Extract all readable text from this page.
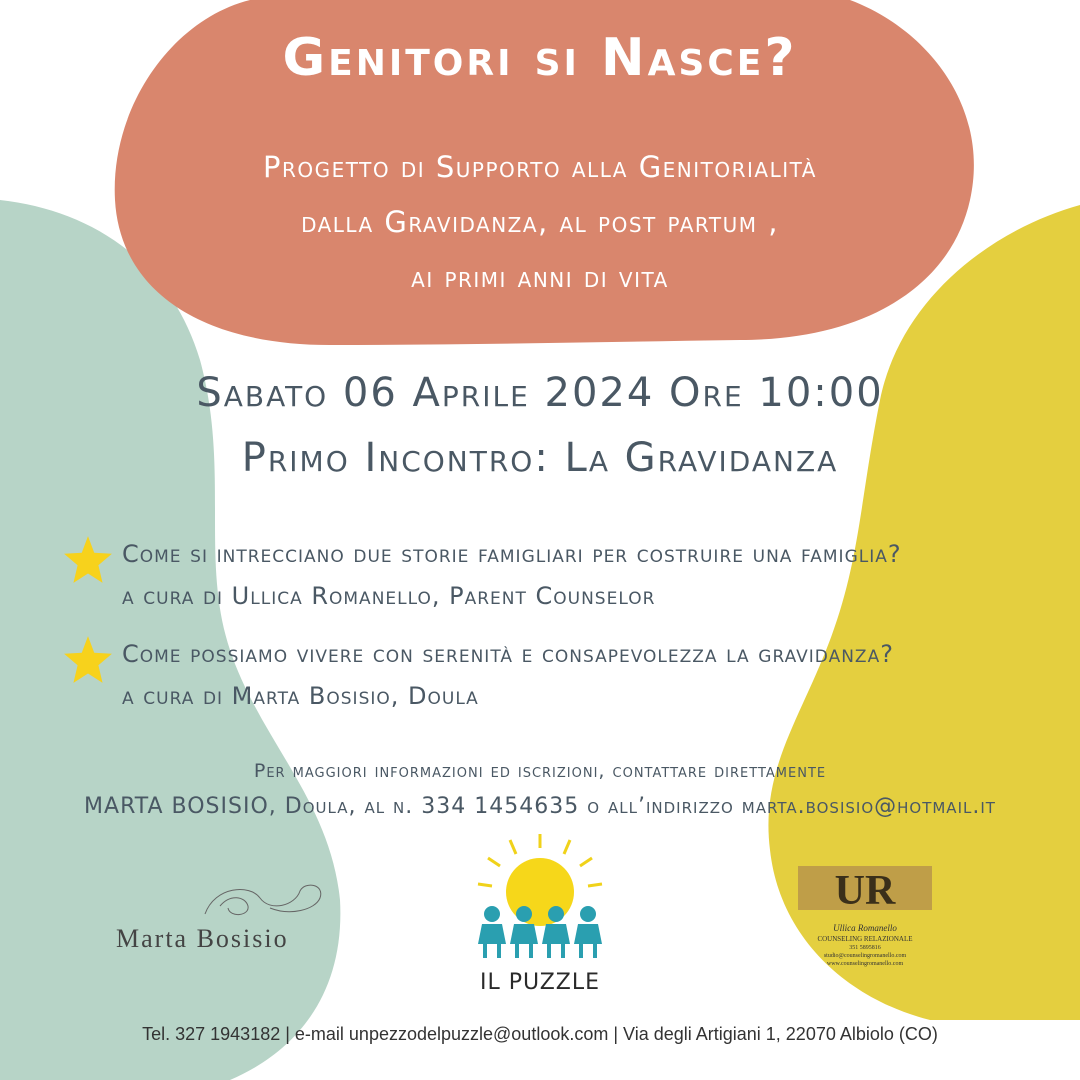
Genitori si Nasce?
Progetto di Supporto alla Genitorialità
dalla Gravidanza, al post partum ,
ai primi anni di vita
Sabato 06 Aprile 2024 Ore 10:00
Primo Incontro: La Gravidanza
Come si intrecciano due storie famigliari per costruire una famiglia?
a cura di Ullica Romanello, Parent Counselor
Come possiamo vivere con serenità e consapevolezza la gravidanza?
a cura di Marta Bosisio, Doula
Per maggiori informazioni ed iscrizioni, contattare direttamente
MARTA BOSISIO, Doula, al n. 334 1454635 o all’indirizzo marta.bosisio@hotmail.it
Marta Bosisio
IL PUZZLE
UR
Ullica Romanello
COUNSELING RELAZIONALE
351 5895816
studio@counselingromanello.com
www.counselingromanello.com
Tel. 327 1943182 | e-mail unpezzodelpuzzle@outlook.com | Via degli Artigiani 1, 22070 Albiolo (CO)
